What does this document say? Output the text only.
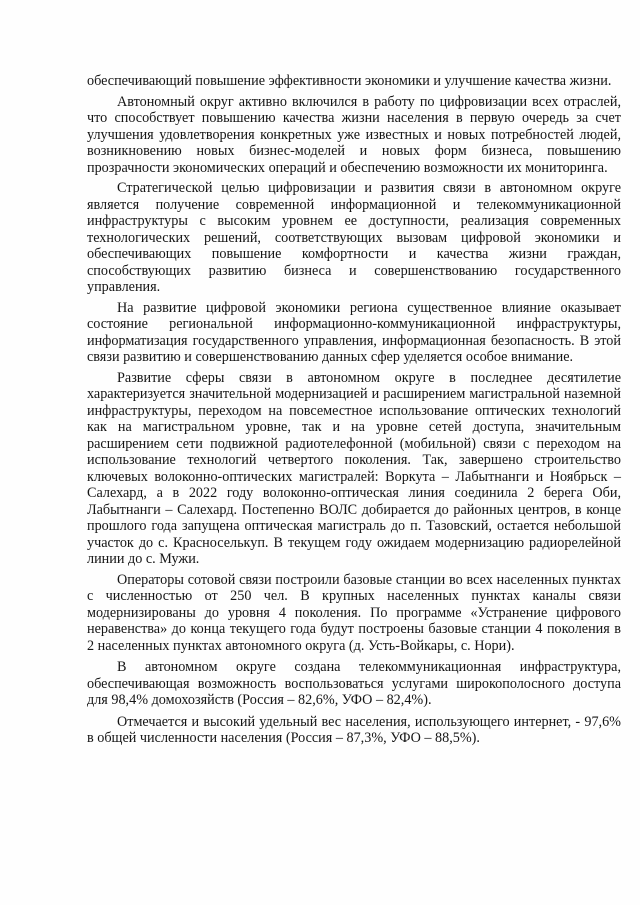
обеспечивающий повышение эффективности экономики и улучшение качества жизни.

Автономный округ активно включился в работу по цифровизации всех отраслей, что способствует повышению качества жизни населения в первую очередь за счет улучшения удовлетворения конкретных уже известных и новых потребностей людей, возникновению новых бизнес-моделей и новых форм бизнеса, повышению прозрачности экономических операций и обеспечению возможности их мониторинга.

Стратегической целью цифровизации и развития связи в автономном округе является получение современной информационной и телекоммуникационной инфраструктуры с высоким уровнем ее доступности, реализация современных технологических решений, соответствующих вызовам цифровой экономики и обеспечивающих повышение комфортности и качества жизни граждан, способствующих развитию бизнеса и совершенствованию государственного управления.

На развитие цифровой экономики региона существенное влияние оказывает состояние региональной информационно-коммуникационной инфраструктуры, информатизация государственного управления, информационная безопасность. В этой связи развитию и совершенствованию данных сфер уделяется особое внимание.

Развитие сферы связи в автономном округе в последнее десятилетие характеризуется значительной модернизацией и расширением магистральной наземной инфраструктуры, переходом на повсеместное использование оптических технологий как на магистральном уровне, так и на уровне сетей доступа, значительным расширением сети подвижной радиотелефонной (мобильной) связи с переходом на использование технологий четвертого поколения. Так, завершено строительство ключевых волоконно-оптических магистралей: Воркута – Лабытнанги и Ноябрьск – Салехард, а в 2022 году волоконно-оптическая линия соединила 2 берега Оби, Лабытнанги – Салехард. Постепенно ВОЛС добирается до районных центров, в конце прошлого года запущена оптическая магистраль до п. Тазовский, остается небольшой участок до с. Красноселькуп. В текущем году ожидаем модернизацию радиорелейной линии до с. Мужи.

Операторы сотовой связи построили базовые станции во всех населенных пунктах с численностью от 250 чел. В крупных населенных пунктах каналы связи модернизированы до уровня 4 поколения. По программе «Устранение цифрового неравенства» до конца текущего года будут построены базовые станции 4 поколения в 2 населенных пунктах автономного округа (д. Усть-Войкары, с. Нори).

В автономном округе создана телекоммуникационная инфраструктура, обеспечивающая возможность воспользоваться услугами широкополосного доступа для 98,4% домохозяйств (Россия – 82,6%, УФО – 82,4%).

Отмечается и высокий удельный вес населения, использующего интернет, - 97,6% в общей численности населения (Россия – 87,3%, УФО – 88,5%).
